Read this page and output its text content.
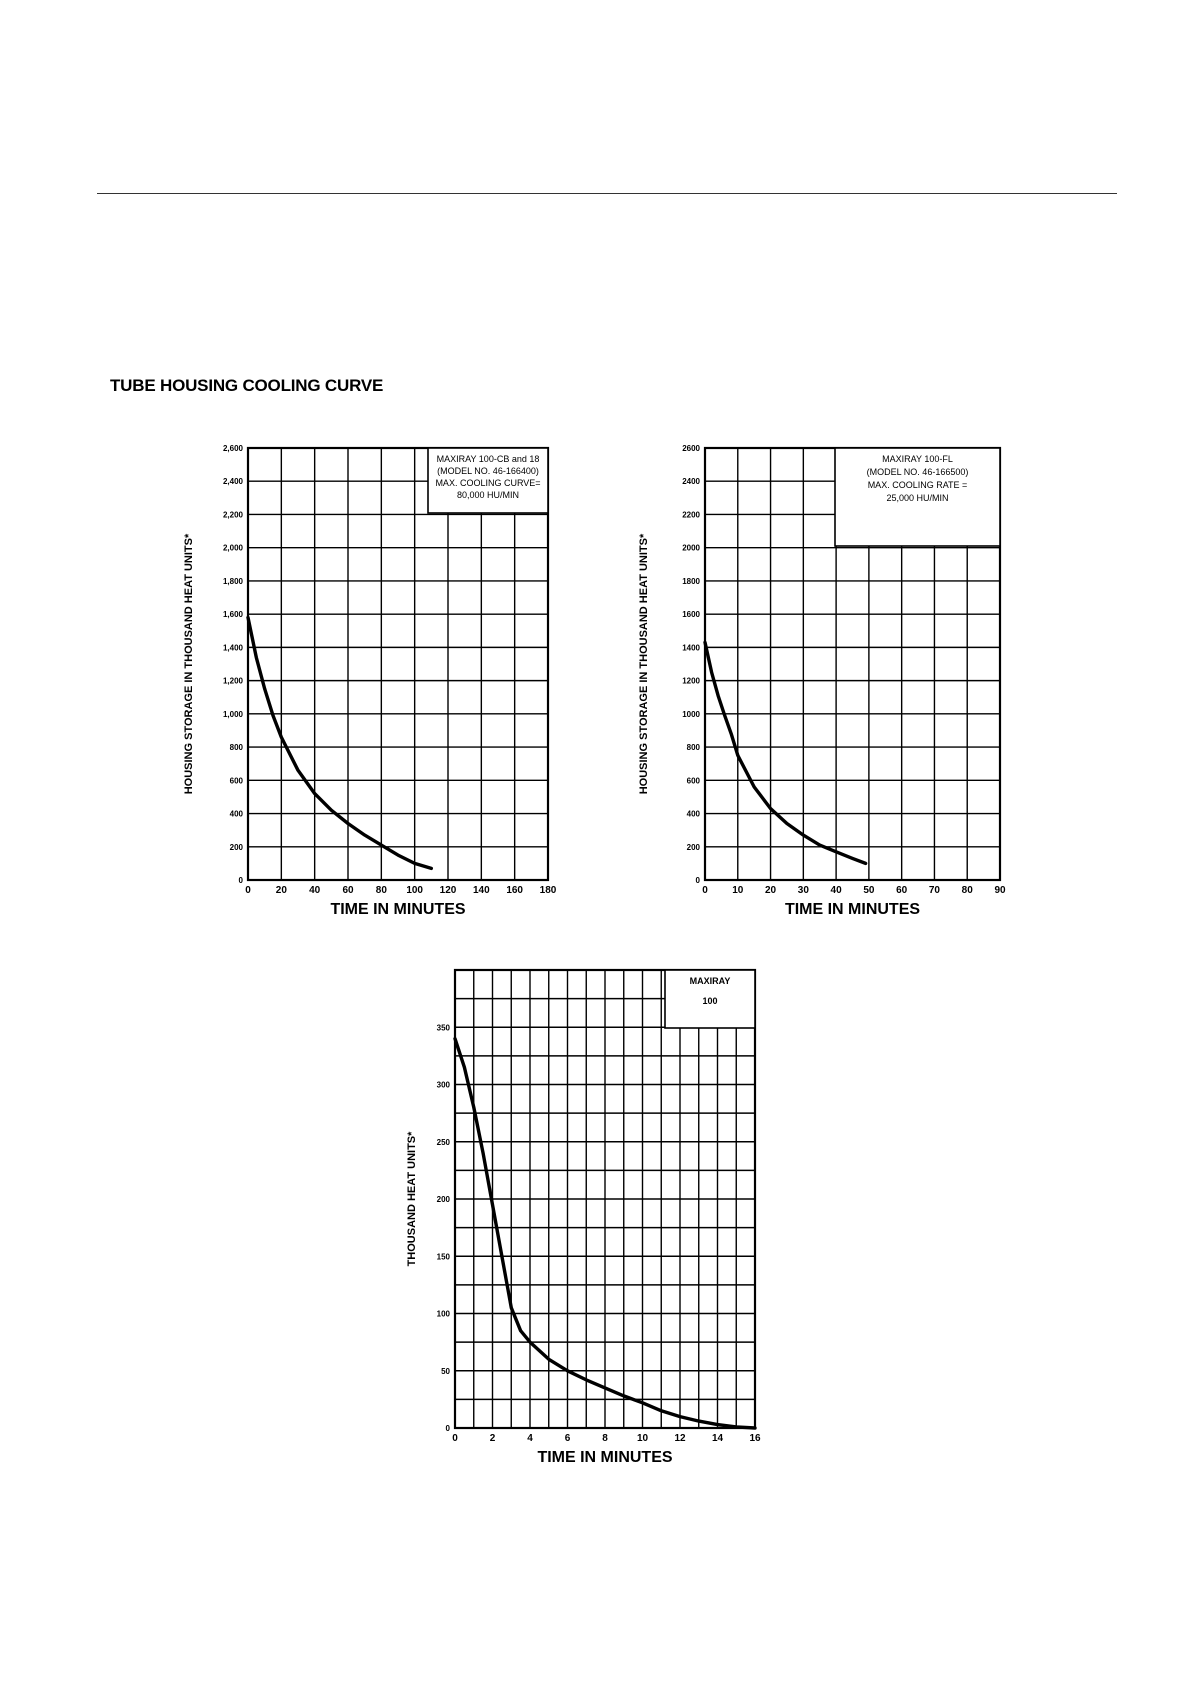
TUBE HOUSING COOLING CURVE
MAXIRAY 100-CB and 18
(MODEL NO. 46-166400)
MAX. COOLING CURVE=
80,000 HU/MIN
0
200
400
600
800
1,000
1,200
1,400
1,600
1,800
2,000
2,200
2,400
2,600
0 20 40 60 80 100 120 140 160 180
TIME IN MINUTES
HOUSING STORAGE IN THOUSAND HEAT UNITS*
MAXIRAY 100-FL
(MODEL NO. 46-166500)
MAX. COOLING RATE =
25,000 HU/MIN
0
200
400
600
800
1000
1200
1400
1600
1800
2000
2200
2400
2600
0 10 20 30 40 50 60 70 80 90
TIME IN MINUTES
HOUSING STORAGE IN THOUSAND HEAT UNITS*
MAXIRAY
100
0
50
100
150
200
250
300
350
0	2	4	6	8	10	12	14	16
TIME IN MINUTES
THOUSAND HEAT UNITS*
